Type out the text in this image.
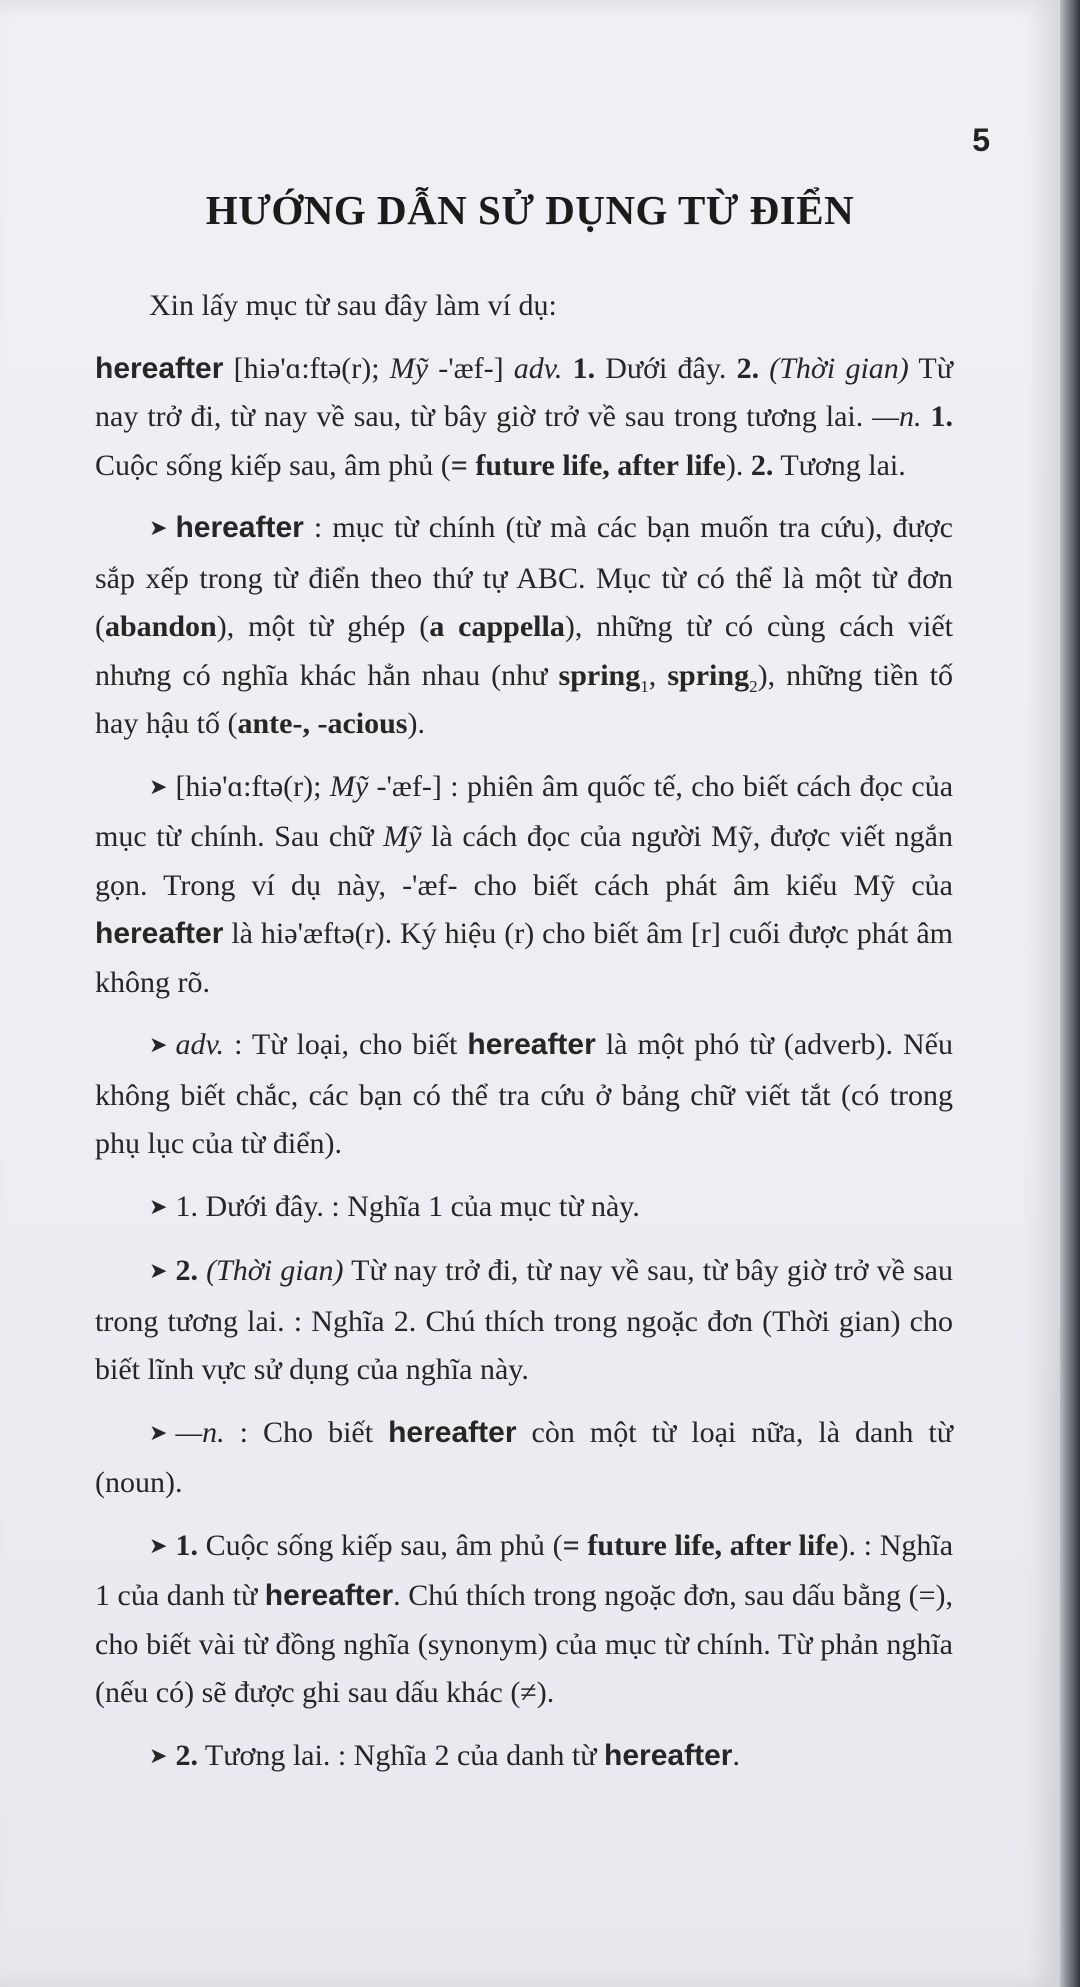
5
HƯỚNG DẪN SỬ DỤNG TỪ ĐIỂN

Xin lấy mục từ sau đây làm ví dụ:

hereafter [hiə'ɑ:ftə(r); Mỹ -'æf-] adv. 1. Dưới đây. 2. (Thời gian) Từ nay trở đi, từ nay về sau, từ bây giờ trở về sau trong tương lai. —n. 1. Cuộc sống kiếp sau, âm phủ (= future life, after life). 2. Tương lai.

➤ hereafter : mục từ chính (từ mà các bạn muốn tra cứu), được sắp xếp trong từ điển theo thứ tự ABC. Mục từ có thể là một từ đơn (abandon), một từ ghép (a cappella), những từ có cùng cách viết nhưng có nghĩa khác hẳn nhau (như spring$_1$, spring$_2$), những tiền tố hay hậu tố (ante-, -acious).

➤ [hiə'ɑ:ftə(r); Mỹ -'æf-] : phiên âm quốc tế, cho biết cách đọc của mục từ chính. Sau chữ Mỹ là cách đọc của người Mỹ, được viết ngắn gọn. Trong ví dụ này, -'æf- cho biết cách phát âm kiểu Mỹ của hereafter là hiə'æftə(r). Ký hiệu (r) cho biết âm [r] cuối được phát âm không rõ.

➤ adv. : Từ loại, cho biết hereafter là một phó từ (adverb). Nếu không biết chắc, các bạn có thể tra cứu ở bảng chữ viết tắt (có trong phụ lục của từ điển).

➤ 1. Dưới đây. : Nghĩa 1 của mục từ này.

➤ 2. (Thời gian) Từ nay trở đi, từ nay về sau, từ bây giờ trở về sau trong tương lai. : Nghĩa 2. Chú thích trong ngoặc đơn (Thời gian) cho biết lĩnh vực sử dụng của nghĩa này.

➤ —n. : Cho biết hereafter còn một từ loại nữa, là danh từ (noun).

➤ 1. Cuộc sống kiếp sau, âm phủ (= future life, after life). : Nghĩa 1 của danh từ hereafter. Chú thích trong ngoặc đơn, sau dấu bằng (=), cho biết vài từ đồng nghĩa (synonym) của mục từ chính. Từ phản nghĩa (nếu có) sẽ được ghi sau dấu khác (≠).

➤ 2. Tương lai. : Nghĩa 2 của danh từ hereafter.
